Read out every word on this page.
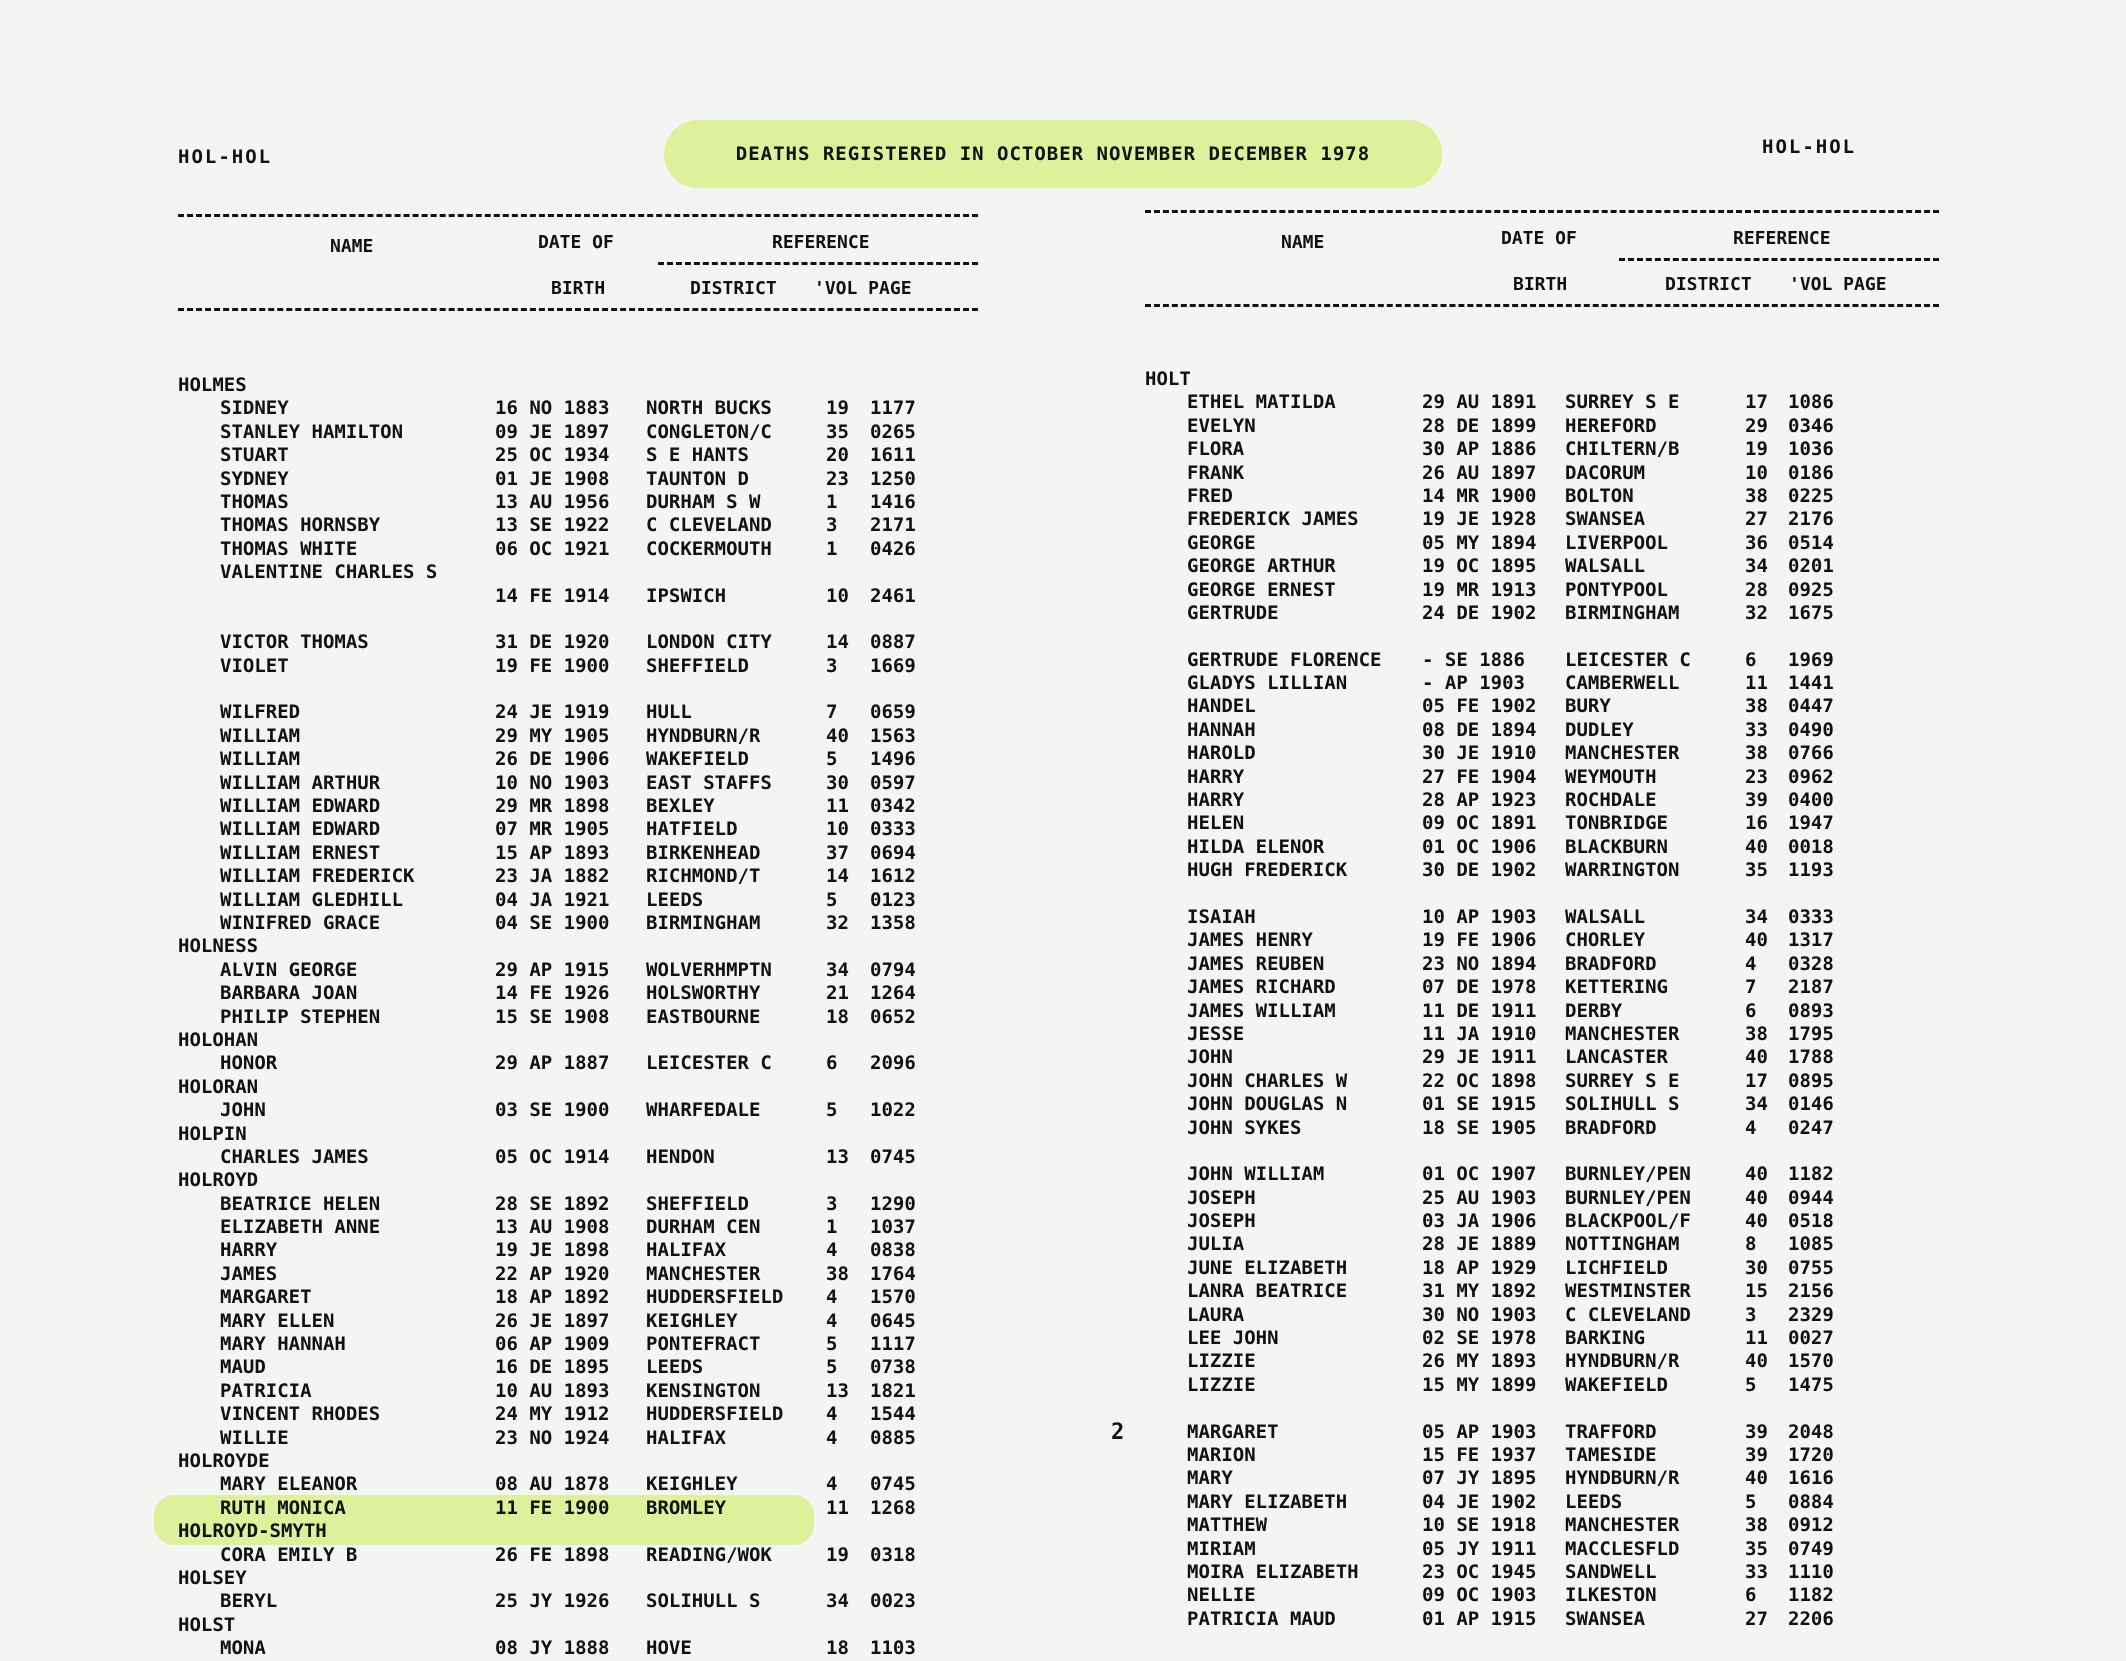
HOL-HOL	DEATHS REGISTERED IN OCTOBER NOVEMBER DECEMBER 1978	HOL-HOL
NAME	DATE OF
BIRTH
REFERENCE
DISTRICT 'VOL PAGE
NAME	DATE OF
BIRTH
REFERENCE
DISTRICT 'VOL PAGE
HOLMES
SIDNEY	16 NO 1883 NORTH BUCKS	19 1177
STANLEY HAMILTON	09 JE 1897 CONGLETON/C	35 0265
STUART	25 OC 1934 S E HANTS	20 1611
SYDNEY	01 JE 1908 TAUNTON D	23 1250
THOMAS	13 AU 1956 DURHAM S W	1 1416
THOMAS HORNSBY	13 SE 1922 C CLEVELAND	3 2171
THOMAS WHITE	06 OC 1921 COCKERMOUTH	1 0426
VALENTINE CHARLES S
14 FE 1914 IPSWICH	10 2461
VICTOR THOMAS	31 DE 1920 LONDON CITY	14 0887
VIOLET	19 FE 1900 SHEFFIELD	3 1669
WILFRED	24 JE 1919 HULL	7 0659
WILLIAM	29 MY 1905 HYNDBURN/R	40 1563
WILLIAM	26 DE 1906 WAKEFIELD	5 1496
WILLIAM ARTHUR	10 NO 1903 EAST STAFFS	30 0597
WILLIAM EDWARD	29 MR 1898 BEXLEY	11 0342
WILLIAM EDWARD	07 MR 1905 HATFIELD	10 0333
WILLIAM ERNEST	15 AP 1893 BIRKENHEAD	37 0694
WILLIAM FREDERICK	23 JA 1882 RICHMOND/T	14 1612
WILLIAM GLEDHILL	04 JA 1921 LEEDS	5 0123
WINIFRED GRACE	04 SE 1900 BIRMINGHAM	32 1358
HOLNESS
ALVIN GEORGE	29 AP 1915 WOLVERHMPTN	34 0794
BARBARA JOAN	14 FE 1926 HOLSWORTHY	21 1264
PHILIP STEPHEN	15 SE 1908 EASTBOURNE	18 0652
HOLOHAN
HONOR	29 AP 1887 LEICESTER C	6 2096
HOLORAN
JOHN	03 SE 1900 WHARFEDALE	5 1022
HOLPIN
CHARLES JAMES	05 OC 1914 HENDON	13 0745
HOLROYD
BEATRICE HELEN	28 SE 1892 SHEFFIELD	3 1290
ELIZABETH ANNE	13 AU 1908 DURHAM CEN	1 1037
HARRY	19 JE 1898 HALIFAX	4 0838
JAMES	22 AP 1920 MANCHESTER	38 1764
MARGARET	18 AP 1892 HUDDERSFIELD 4 1570
MARY ELLEN	26 JE 1897 KEIGHLEY	4 0645
MARY HANNAH	06 AP 1909 PONTEFRACT	5 1117
MAUD	16 DE 1895 LEEDS	5 0738
PATRICIA	10 AU 1893 KENSINGTON	13 1821
VINCENT RHODES	24 MY 1912 HUDDERSFIELD 4 1544
WILLIE	23 NO 1924 HALIFAX	4 0885
HOLROYDE
MARY ELEANOR	08 AU 1878 KEIGHLEY	4 0745
RUTH MONICA	11 FE 1900 BROMLEY	11 1268
HOLROYD-SMYTH
CORA EMILY B	26 FE 1898 READING/WOK	19 0318
HOLSEY
BERYL	25 JY 1926 SOLIHULL S	34 0023
HOLST
MONA	08 JY 1888 HOVE	18 1103
HOLT
ETHEL MATILDA	29 AU 1891 SURREY S E	17 1086
EVELYN	28 DE 1899 HEREFORD	29 0346
FLORA	30 AP 1886 CHILTERN/B	19 1036
FRANK	26 AU 1897 DACORUM	10 0186
FRED	14 MR 1900 BOLTON	38 0225
FREDERICK JAMES	19 JE 1928 SWANSEA	27 2176
GEORGE	05 MY 1894 LIVERPOOL	36 0514
GEORGE ARTHUR	19 OC 1895 WALSALL	34 0201
GEORGE ERNEST	19 MR 1913 PONTYPOOL	28 0925
GERTRUDE	24 DE 1902 BIRMINGHAM	32 1675
GERTRUDE FLORENCE - SE 1886 LEICESTER C	6 1969
GLADYS LILLIAN	- AP 1903 CAMBERWELL	11 1441
HANDEL	05 FE 1902 BURY	38 0447
HANNAH	08 DE 1894 DUDLEY	33 0490
HAROLD	30 JE 1910 MANCHESTER	38 0766
HARRY	27 FE 1904 WEYMOUTH	23 0962
HARRY	28 AP 1923 ROCHDALE	39 0400
HELEN	09 OC 1891 TONBRIDGE	16 1947
HILDA ELENOR	01 OC 1906 BLACKBURN	40 0018
HUGH FREDERICK	30 DE 1902 WARRINGTON	35 1193
ISAIAH	10 AP 1903 WALSALL	34 0333
JAMES HENRY	19 FE 1906 CHORLEY	40 1317
JAMES REUBEN	23 NO 1894 BRADFORD	4 0328
JAMES RICHARD	07 DE 1978 KETTERING	7 2187
JAMES WILLIAM	11 DE 1911 DERBY	6 0893
JESSE	11 JA 1910 MANCHESTER	38 1795
JOHN	29 JE 1911 LANCASTER	40 1788
JOHN CHARLES W	22 OC 1898 SURREY S E	17 0895
JOHN DOUGLAS N	01 SE 1915 SOLIHULL S	34 0146
JOHN SYKES	18 SE 1905 BRADFORD	4 0247
JOHN WILLIAM	01 OC 1907 BURNLEY/PEN	40 1182
JOSEPH	25 AU 1903 BURNLEY/PEN	40 0944
JOSEPH	03 JA 1906 BLACKPOOL/F	40 0518
JULIA	28 JE 1889 NOTTINGHAM	8 1085
JUNE ELIZABETH	18 AP 1929 LICHFIELD	30 0755
LANRA BEATRICE	31 MY 1892 WESTMINSTER	15 2156
LAURA	30 NO 1903 C CLEVELAND	3 2329
LEE JOHN	02 SE 1978 BARKING	11 0027
LIZZIE	26 MY 1893 HYNDBURN/R	40 1570
LIZZIE	15 MY 1899 WAKEFIELD	5 1475
MARGARET	05 AP 1903 TRAFFORD	39 2048
2
MARION	15 FE 1937 TAMESIDE	39 1720
MARY	07 JY 1895 HYNDBURN/R	40 1616
MARY ELIZABETH	04 JE 1902 LEEDS	5 0884
MATTHEW	10 SE 1918 MANCHESTER	38 0912
MIRIAM	05 JY 1911 MACCLESFLD	35 0749
MOIRA ELIZABETH	23 OC 1945 SANDWELL	33 1110
NELLIE	09 OC 1903 ILKESTON	6 1182
PATRICIA MAUD	01 AP 1915 SWANSEA	27 2206
